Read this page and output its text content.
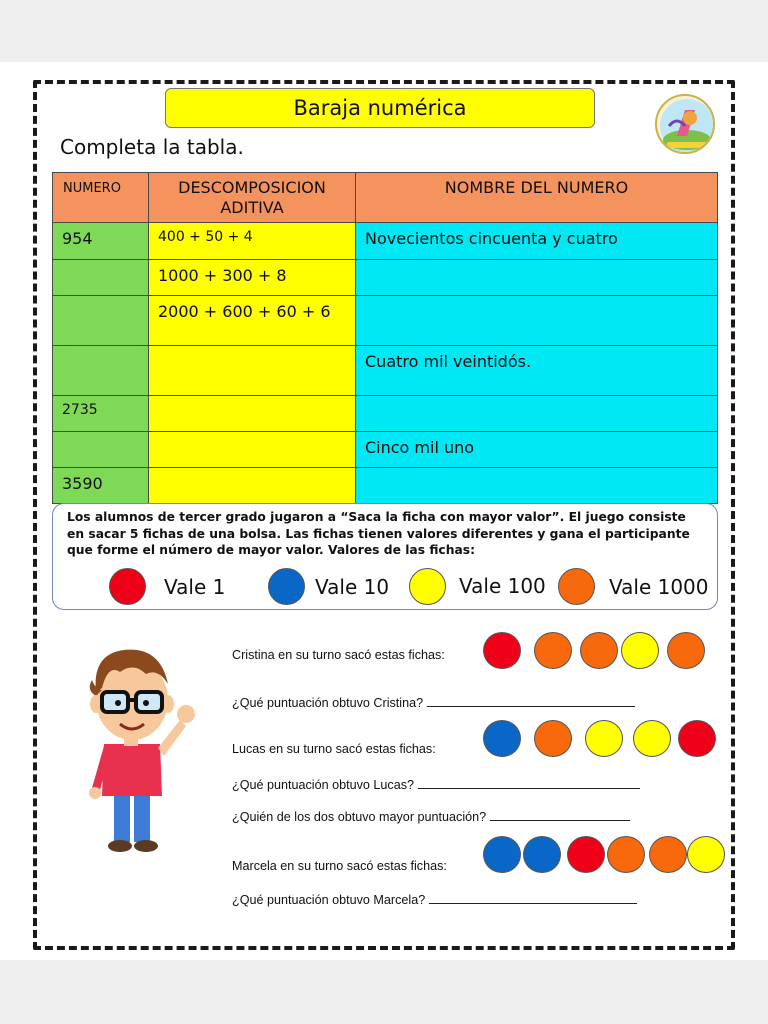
Baraja numérica
Completa la tabla.
NUMERO	DESCOMPOSICION ADITIVA	NOMBRE DEL NUMERO
954	400 + 50 + 4	Novecientos cincuenta y cuatro
	1000 + 300 + 8	
	2000 + 600 + 60 + 6	
		Cuatro mil veintidós.
2735		
		Cinco mil uno
3590		
Los alumnos de tercer grado jugaron a “Saca la ficha con mayor valor”. El juego consiste en sacar 5 fichas de una bolsa. Las fichas tienen valores diferentes y gana el participante que forme el número de mayor valor. Valores de las fichas:
Vale 1	Vale 10	Vale 100	Vale 1000
Cristina en su turno sacó estas fichas:
¿Qué puntuación obtuvo Cristina?
Lucas en su turno sacó estas fichas:
¿Qué puntuación obtuvo Lucas?
¿Quién de los dos obtuvo mayor puntuación?
Marcela en su turno sacó estas fichas:
¿Qué puntuación obtuvo Marcela?
